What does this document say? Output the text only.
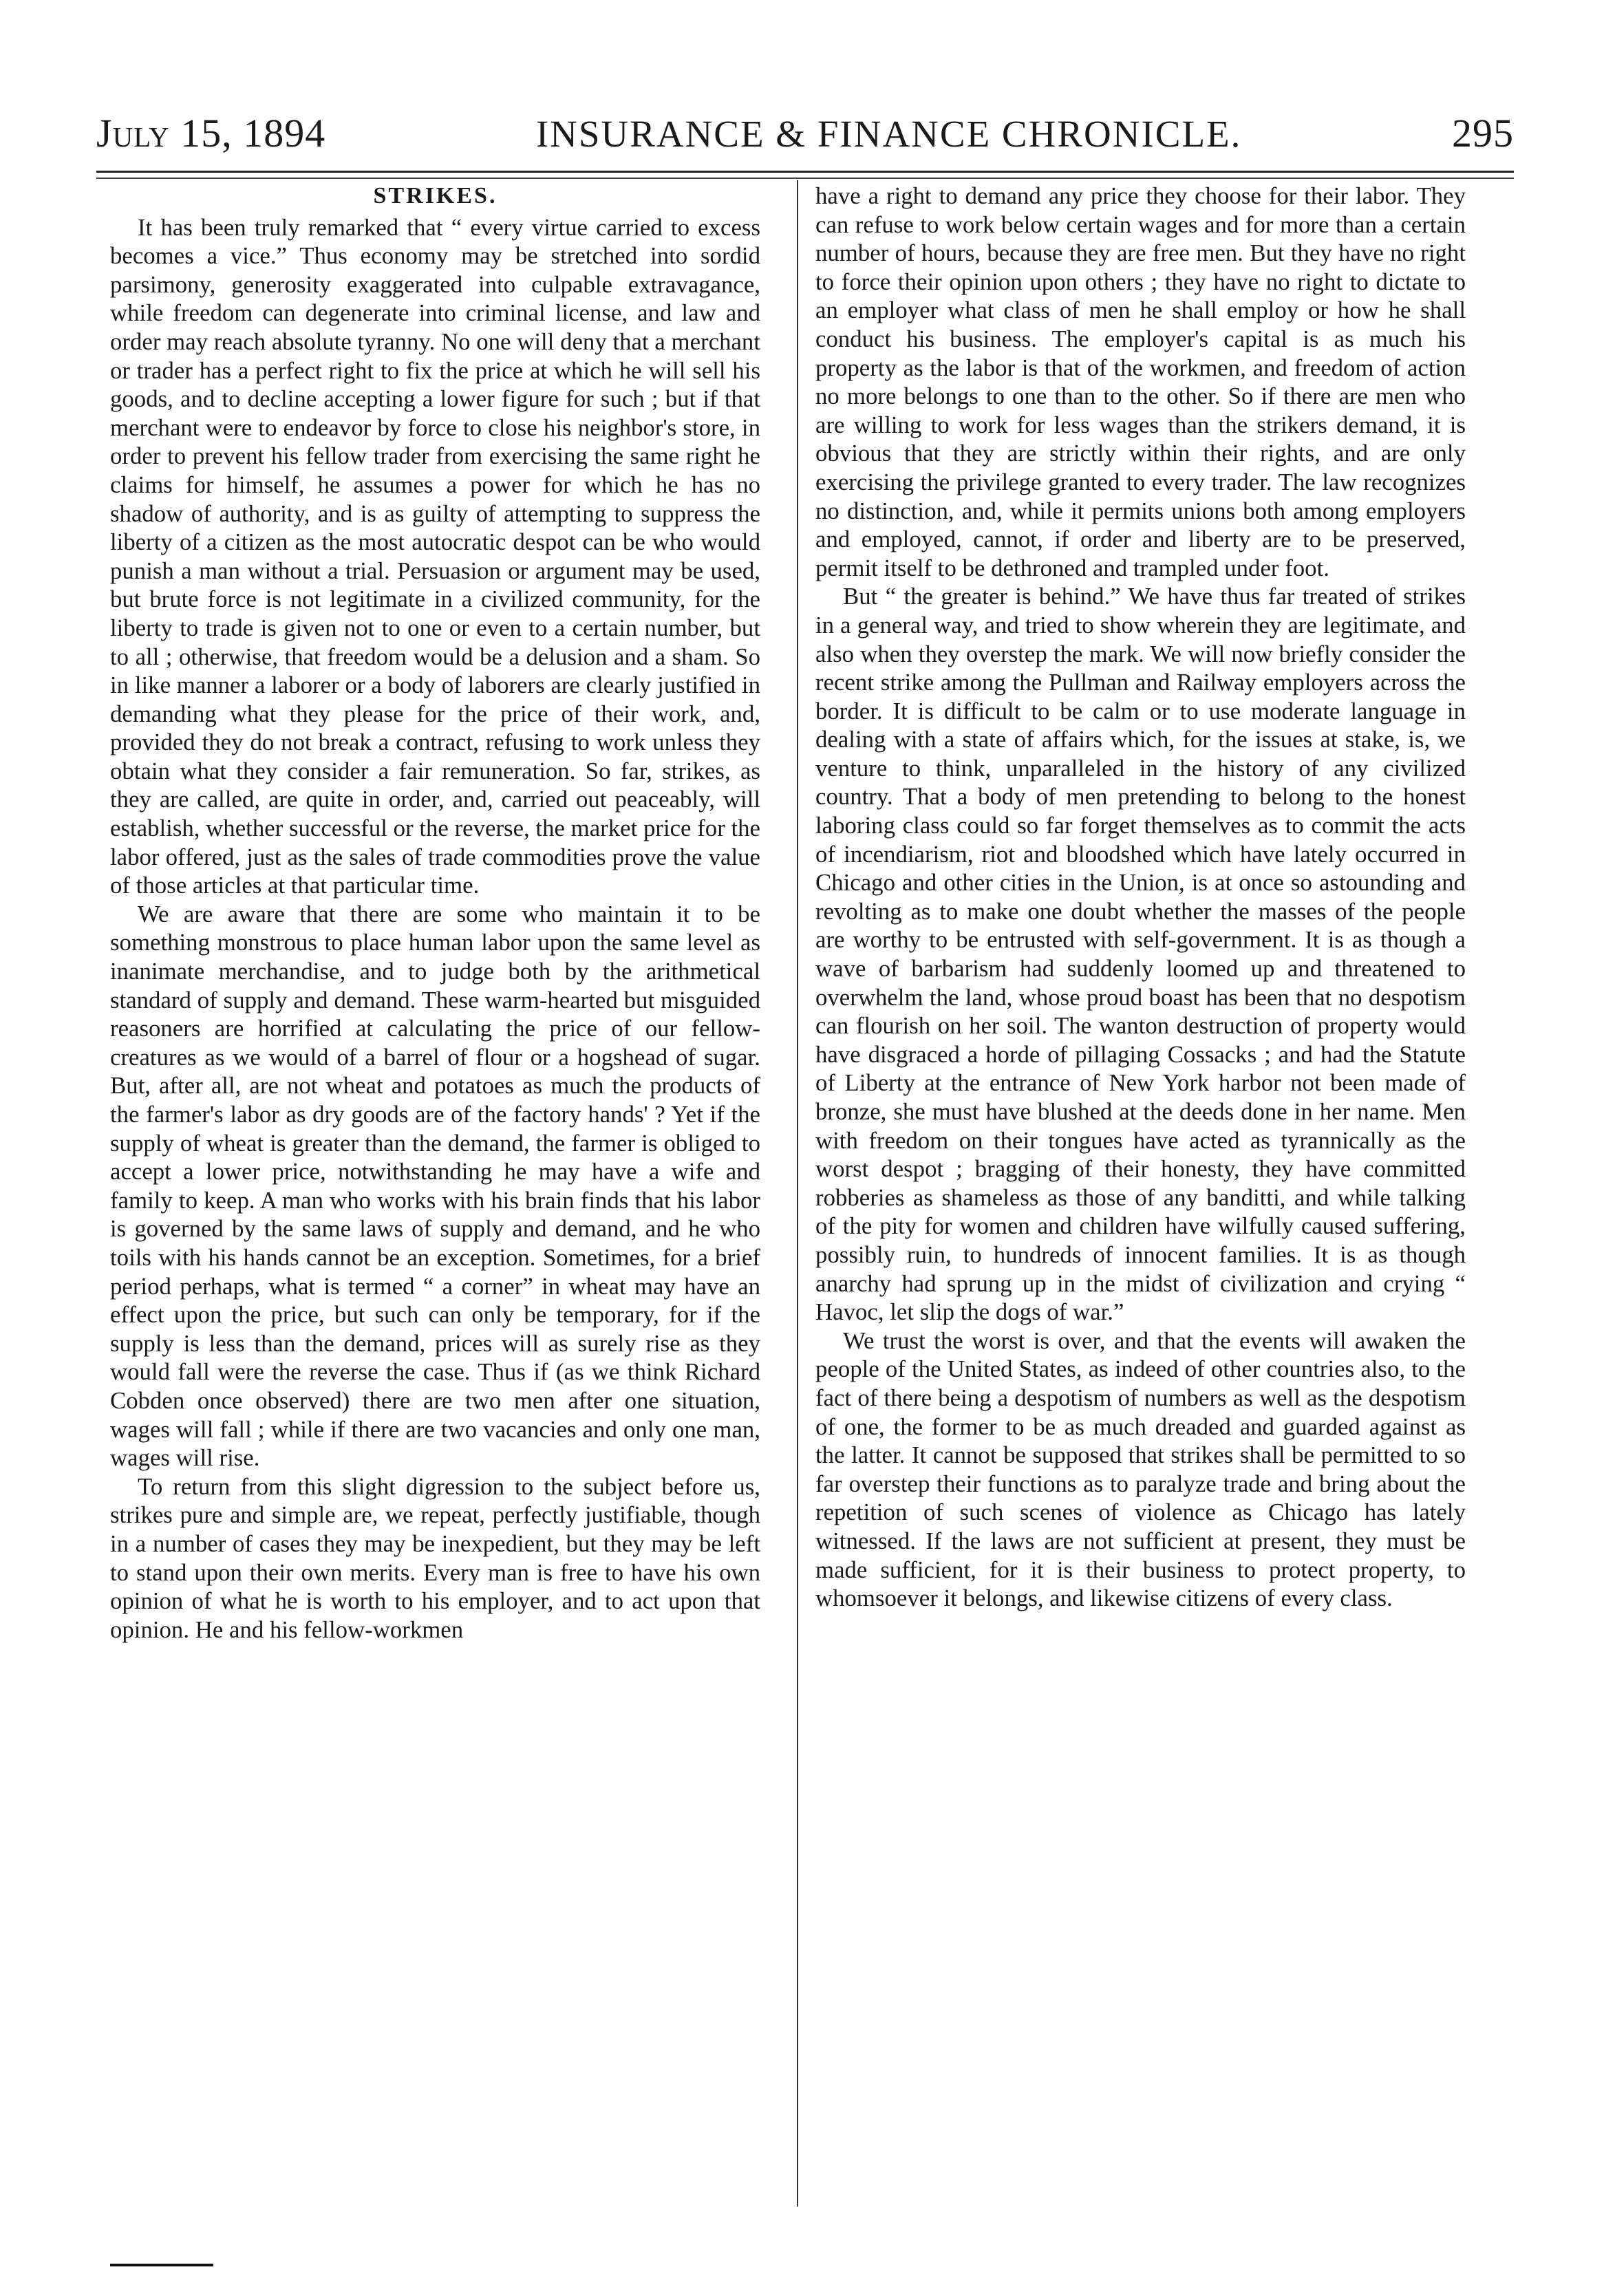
July 15, 1894	INSURANCE & FINANCE CHRONICLE.	295
STRIKES.

It has been truly remarked that “ every virtue carried to excess becomes a vice.” Thus economy may be stretched into sordid parsimony, generosity exaggerated into culpable extravagance, while freedom can degenerate into criminal license, and law and order may reach absolute tyranny. No one will deny that a merchant or trader has a perfect right to fix the price at which he will sell his goods, and to decline accepting a lower figure for such ; but if that merchant were to endeavor by force to close his neighbor's store, in order to prevent his fellow trader from exercising the same right he claims for himself, he assumes a power for which he has no shadow of authority, and is as guilty of attempting to suppress the liberty of a citizen as the most autocratic despot can be who would punish a man without a trial. Persuasion or argument may be used, but brute force is not legitimate in a civilized community, for the liberty to trade is given not to one or even to a certain number, but to all ; otherwise, that freedom would be a delusion and a sham. So in like manner a laborer or a body of laborers are clearly justified in demanding what they please for the price of their work, and, provided they do not break a contract, refusing to work unless they obtain what they consider a fair remuneration. So far, strikes, as they are called, are quite in order, and, carried out peaceably, will establish, whether successful or the reverse, the market price for the labor offered, just as the sales of trade commodities prove the value of those articles at that particular time.

We are aware that there are some who maintain it to be something monstrous to place human labor upon the same level as inanimate merchandise, and to judge both by the arithmetical standard of supply and demand. These warm-hearted but misguided reasoners are horrified at calculating the price of our fellow-creatures as we would of a barrel of flour or a hogshead of sugar. But, after all, are not wheat and potatoes as much the products of the farmer's labor as dry goods are of the factory hands' ? Yet if the supply of wheat is greater than the demand, the farmer is obliged to accept a lower price, notwithstanding he may have a wife and family to keep. A man who works with his brain finds that his labor is governed by the same laws of supply and demand, and he who toils with his hands cannot be an exception. Sometimes, for a brief period perhaps, what is termed “ a corner” in wheat may have an effect upon the price, but such can only be temporary, for if the supply is less than the demand, prices will as surely rise as they would fall were the reverse the case. Thus if (as we think Richard Cobden once observed) there are two men after one situation, wages will fall ; while if there are two vacancies and only one man, wages will rise.

To return from this slight digression to the subject before us, strikes pure and simple are, we repeat, perfectly justifiable, though in a number of cases they may be inexpedient, but they may be left to stand upon their own merits. Every man is free to have his own opinion of what he is worth to his employer, and to act upon that opinion. He and his fellow-workmen

have a right to demand any price they choose for their labor. They can refuse to work below certain wages and for more than a certain number of hours, because they are free men. But they have no right to force their opinion upon others ; they have no right to dictate to an employer what class of men he shall employ or how he shall conduct his business. The employer's capital is as much his property as the labor is that of the workmen, and freedom of action no more belongs to one than to the other. So if there are men who are willing to work for less wages than the strikers demand, it is obvious that they are strictly within their rights, and are only exercising the privilege granted to every trader. The law recognizes no distinction, and, while it permits unions both among employers and employed, cannot, if order and liberty are to be preserved, permit itself to be dethroned and trampled under foot.

But “ the greater is behind.” We have thus far treated of strikes in a general way, and tried to show wherein they are legitimate, and also when they overstep the mark. We will now briefly consider the recent strike among the Pullman and Railway employers across the border. It is difficult to be calm or to use moderate language in dealing with a state of affairs which, for the issues at stake, is, we venture to think, unparalleled in the history of any civilized country. That a body of men pretending to belong to the honest laboring class could so far forget themselves as to commit the acts of incendiarism, riot and bloodshed which have lately occurred in Chicago and other cities in the Union, is at once so astounding and revolting as to make one doubt whether the masses of the people are worthy to be entrusted with self-government. It is as though a wave of barbarism had suddenly loomed up and threatened to overwhelm the land, whose proud boast has been that no despotism can flourish on her soil. The wanton destruction of property would have disgraced a horde of pillaging Cossacks ; and had the Statute of Liberty at the entrance of New York harbor not been made of bronze, she must have blushed at the deeds done in her name. Men with freedom on their tongues have acted as tyrannically as the worst despot ; bragging of their honesty, they have committed robberies as shameless as those of any banditti, and while talking of the pity for women and children have wilfully caused suffering, possibly ruin, to hundreds of innocent families. It is as though anarchy had sprung up in the midst of civilization and crying “ Havoc, let slip the dogs of war.”

We trust the worst is over, and that the events will awaken the people of the United States, as indeed of other countries also, to the fact of there being a despotism of numbers as well as the despotism of one, the former to be as much dreaded and guarded against as the latter. It cannot be supposed that strikes shall be permitted to so far overstep their functions as to paralyze trade and bring about the repetition of such scenes of violence as Chicago has lately witnessed. If the laws are not sufficient at present, they must be made sufficient, for it is their business to protect property, to whomsoever it belongs, and likewise citizens of every class.
